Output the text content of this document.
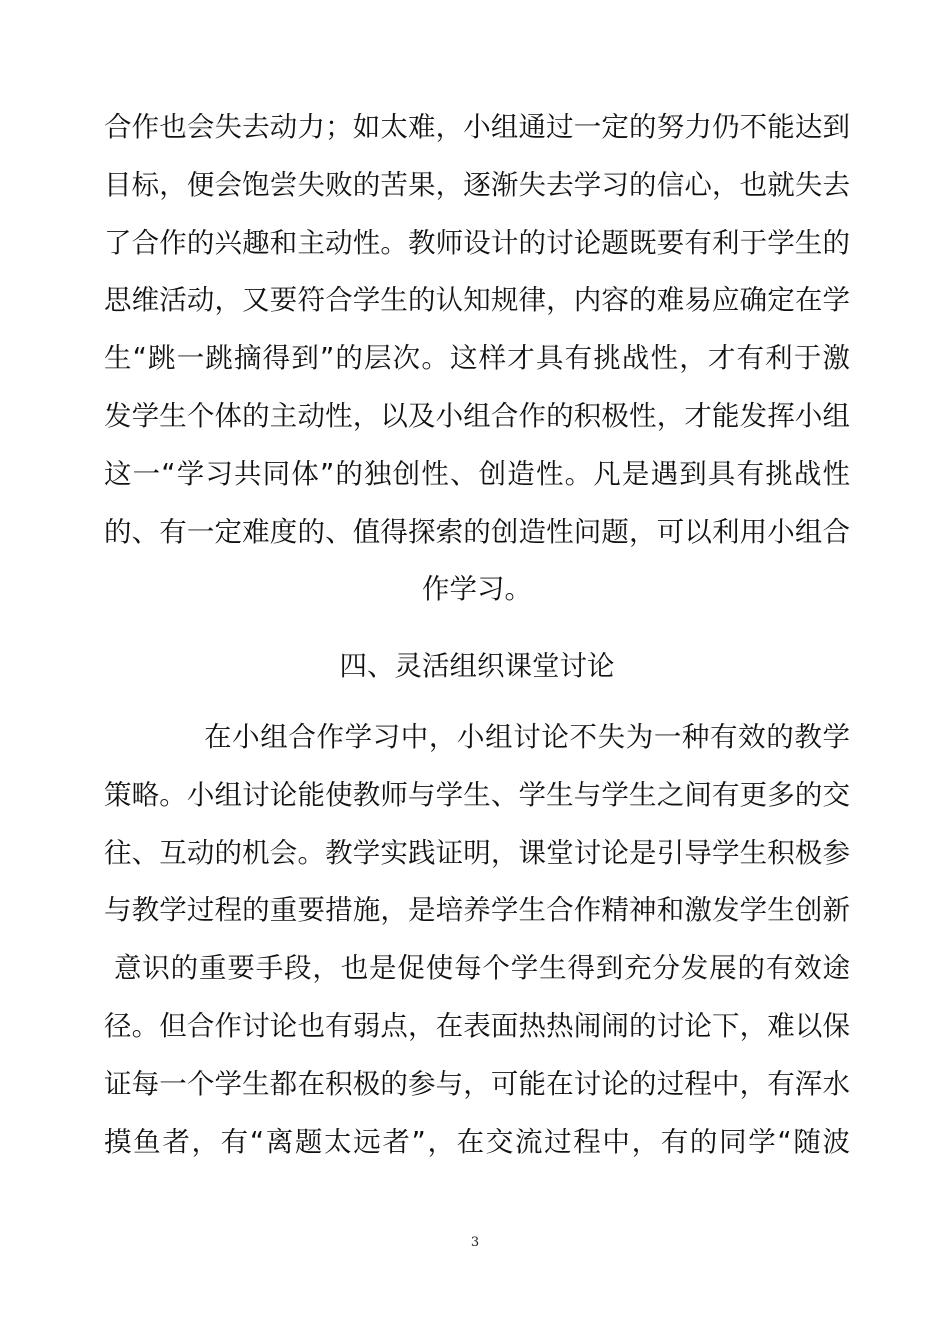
合作也会失去动力；如太难，小组通过一定的努力仍不能达到
目标，便会饱尝失败的苦果，逐渐失去学习的信心，也就失去
了合作的兴趣和主动性。教师设计的讨论题既要有利于学生的
思维活动，又要符合学生的认知规律，内容的难易应确定在学
生“跳一跳摘得到”的层次。这样才具有挑战性，才有利于激
发学生个体的主动性，以及小组合作的积极性，才能发挥小组
这一“学习共同体”的独创性、创造性。凡是遇到具有挑战性
的、有一定难度的、值得探索的创造性问题，可以利用小组合
作学习。
四、灵活组织课堂讨论
在小组合作学习中，小组讨论不失为一种有效的教学
策略。小组讨论能使教师与学生、学生与学生之间有更多的交
往、互动的机会。教学实践证明，课堂讨论是引导学生积极参
与教学过程的重要措施，是培养学生合作精神和激发学生创新
意识的重要手段，也是促使每个学生得到充分发展的有效途
径。但合作讨论也有弱点，在表面热热闹闹的讨论下，难以保
证每一个学生都在积极的参与，可能在讨论的过程中，有浑水
摸鱼者，有“离题太远者”，在交流过程中，有的同学“随波
3
